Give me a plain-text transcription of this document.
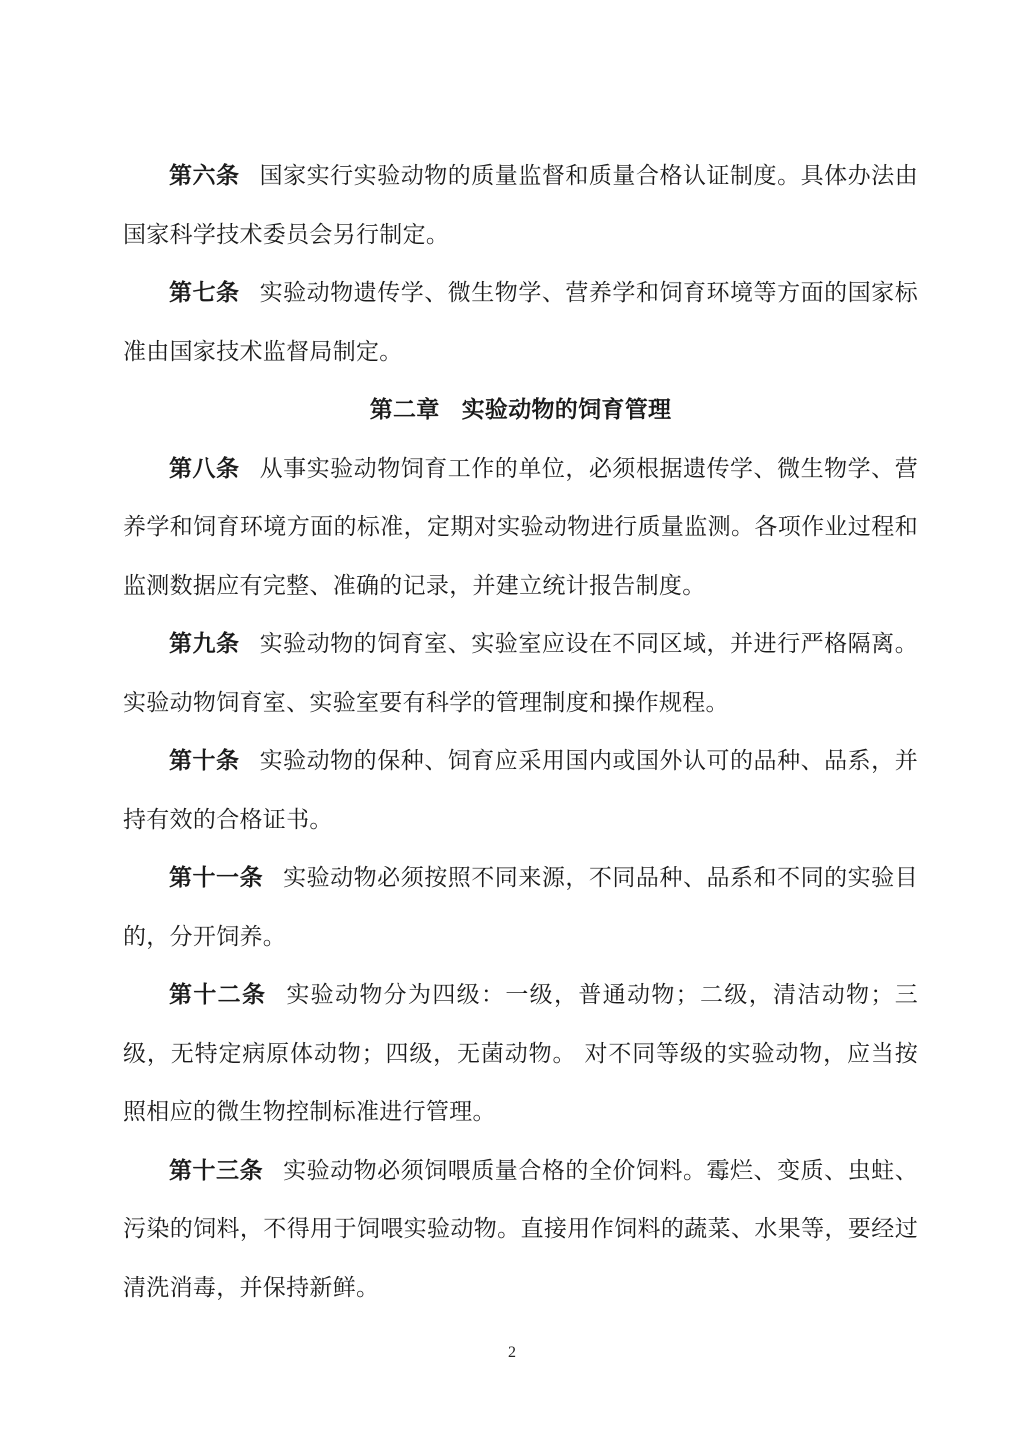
第六条 国家实行实验动物的质量监督和质量合格认证制度。具体办法由国家科学技术委员会另行制定。

第七条 实验动物遗传学、微生物学、营养学和饲育环境等方面的国家标准由国家技术监督局制定。

第二章 实验动物的饲育管理

第八条 从事实验动物饲育工作的单位，必须根据遗传学、微生物学、营养学和饲育环境方面的标准，定期对实验动物进行质量监测。各项作业过程和监测数据应有完整、准确的记录，并建立统计报告制度。

第九条 实验动物的饲育室、实验室应设在不同区域，并进行严格隔离。实验动物饲育室、实验室要有科学的管理制度和操作规程。

第十条 实验动物的保种、饲育应采用国内或国外认可的品种、品系，并持有效的合格证书。

第十一条 实验动物必须按照不同来源，不同品种、品系和不同的实验目的，分开饲养。

第十二条 实验动物分为四级：一级，普通动物；二级，清洁动物；三级，无特定病原体动物；四级，无菌动物。 对不同等级的实验动物，应当按照相应的微生物控制标准进行管理。

第十三条 实验动物必须饲喂质量合格的全价饲料。霉烂、变质、虫蛀、污染的饲料，不得用于饲喂实验动物。直接用作饲料的蔬菜、水果等，要经过清洗消毒，并保持新鲜。

2
